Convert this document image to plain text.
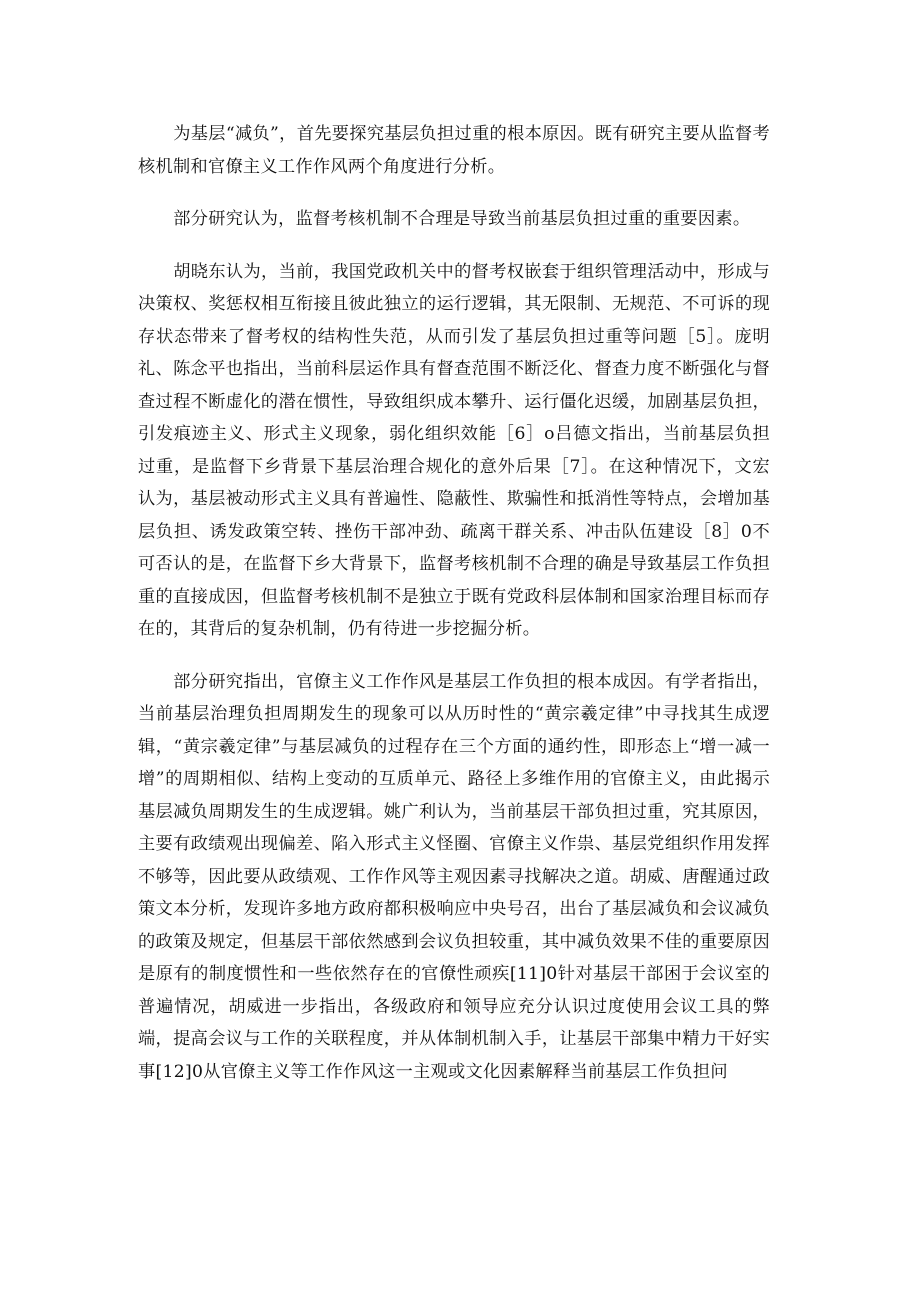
为基层“减负”，首先要探究基层负担过重的根本原因。既有研究主要从监督考核机制和官僚主义工作作风两个角度进行分析。

部分研究认为，监督考核机制不合理是导致当前基层负担过重的重要因素。

胡晓东认为，当前，我国党政机关中的督考权嵌套于组织管理活动中，形成与决策权、奖惩权相互衔接且彼此独立的运行逻辑，其无限制、无规范、不可诉的现存状态带来了督考权的结构性失范，从而引发了基层负担过重等问题［5］。庞明礼、陈念平也指出，当前科层运作具有督查范围不断泛化、督查力度不断强化与督查过程不断虚化的潜在惯性，导致组织成本攀升、运行僵化迟缓，加剧基层负担，引发痕迹主义、形式主义现象，弱化组织效能［6］o吕德文指出，当前基层负担过重，是监督下乡背景下基层治理合规化的意外后果［7］。在这种情况下，文宏认为，基层被动形式主义具有普遍性、隐蔽性、欺骗性和抵消性等特点，会增加基层负担、诱发政策空转、挫伤干部冲劲、疏离干群关系、冲击队伍建设［8］0不可否认的是，在监督下乡大背景下，监督考核机制不合理的确是导致基层工作负担重的直接成因，但监督考核机制不是独立于既有党政科层体制和国家治理目标而存在的，其背后的复杂机制，仍有待进一步挖掘分析。

部分研究指出，官僚主义工作作风是基层工作负担的根本成因。有学者指出，当前基层治理负担周期发生的现象可以从历时性的“黄宗羲定律”中寻找其生成逻辑，“黄宗羲定律”与基层减负的过程存在三个方面的通约性，即形态上“增一减一增”的周期相似、结构上变动的互质单元、路径上多维作用的官僚主义，由此揭示基层减负周期发生的生成逻辑。姚广利认为，当前基层干部负担过重，究其原因，主要有政绩观出现偏差、陷入形式主义怪圈、官僚主义作祟、基层党组织作用发挥不够等，因此要从政绩观、工作作风等主观因素寻找解决之道。胡威、唐醒通过政策文本分析，发现许多地方政府都积极响应中央号召，出台了基层减负和会议减负的政策及规定，但基层干部依然感到会议负担较重，其中减负效果不佳的重要原因是原有的制度惯性和一些依然存在的官僚性顽疾[11]0针对基层干部困于会议室的普遍情况，胡威进一步指出，各级政府和领导应充分认识过度使用会议工具的弊端，提高会议与工作的关联程度，并从体制机制入手，让基层干部集中精力干好实事[12]0从官僚主义等工作作风这一主观或文化因素解释当前基层工作负担问
